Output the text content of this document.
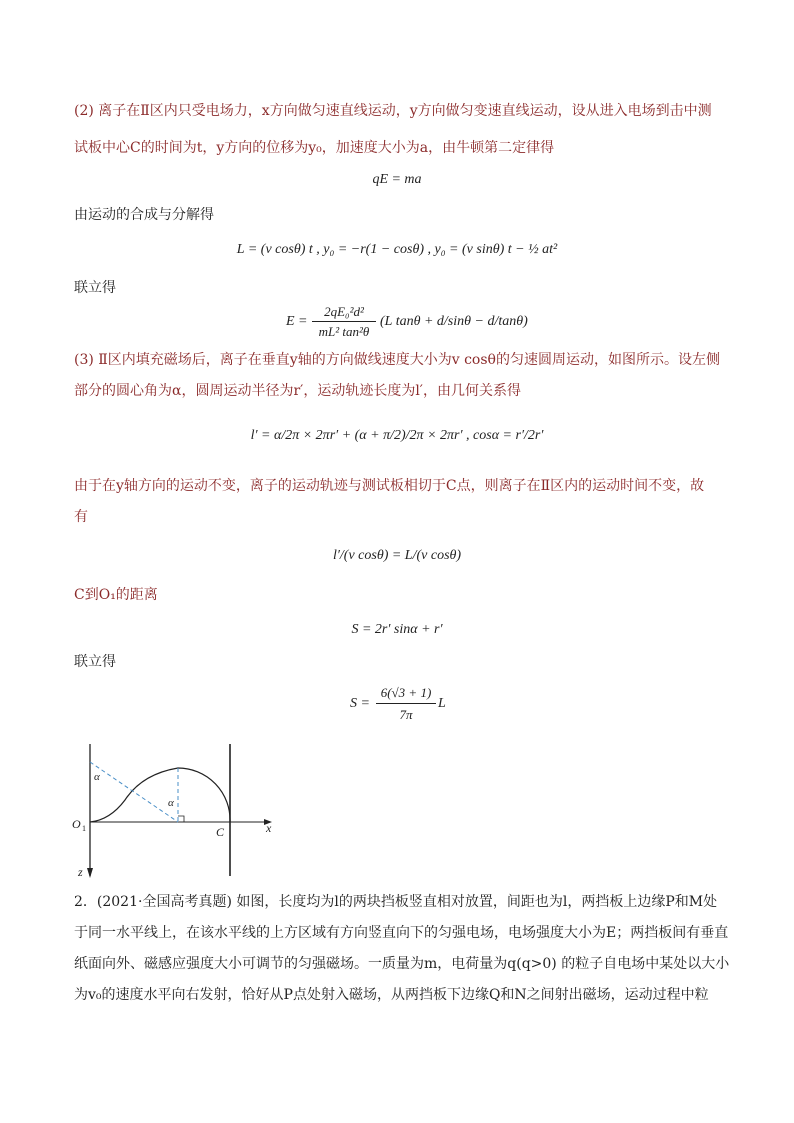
(2) 离子在Ⅱ区内只受电场力，x方向做匀速直线运动，y方向做匀变速直线运动，设从进入电场到击中测
试板中心C的时间为t，y方向的位移为y₀，加速度大小为a，由牛顿第二定律得
qE = ma
由运动的合成与分解得
L = (v cosθ) t , y₀ = −r(1 − cosθ) , y₀ = (v sinθ) t − ½ at²
联立得
E =
2qE₀²d²
mL² tan²θ
(L tanθ + d/sinθ − d/tanθ)
(3) Ⅱ区内填充磁场后，离子在垂直y轴的方向做线速度大小为v cosθ的匀速圆周运动，如图所示。设左侧
部分的圆心角为α，圆周运动半径为r′，运动轨迹长度为l′，由几何关系得
l′ = α/2π × 2πr′ + (α + π/2)/2π × 2πr′ , cosα = r′/2r′
由于在y轴方向的运动不变，离子的运动轨迹与测试板相切于C点，则离子在Ⅱ区内的运动时间不变，故
有
l′/(v cosθ) = L/(v cosθ)
C到O₁的距离
S = 2r′ sinα + r′
联立得
S =
6(√3 + 1)
7π
L
α
α
O 1	C	x
z
2．(2021·全国高考真题) 如图，长度均为l的两块挡板竖直相对放置，间距也为l，两挡板上边缘P和M处
于同一水平线上，在该水平线的上方区域有方向竖直向下的匀强电场，电场强度大小为E；两挡板间有垂直
纸面向外、磁感应强度大小可调节的匀强磁场。一质量为m，电荷量为q(q>0) 的粒子自电场中某处以大小
为v₀的速度水平向右发射，恰好从P点处射入磁场，从两挡板下边缘Q和N之间射出磁场，运动过程中粒
